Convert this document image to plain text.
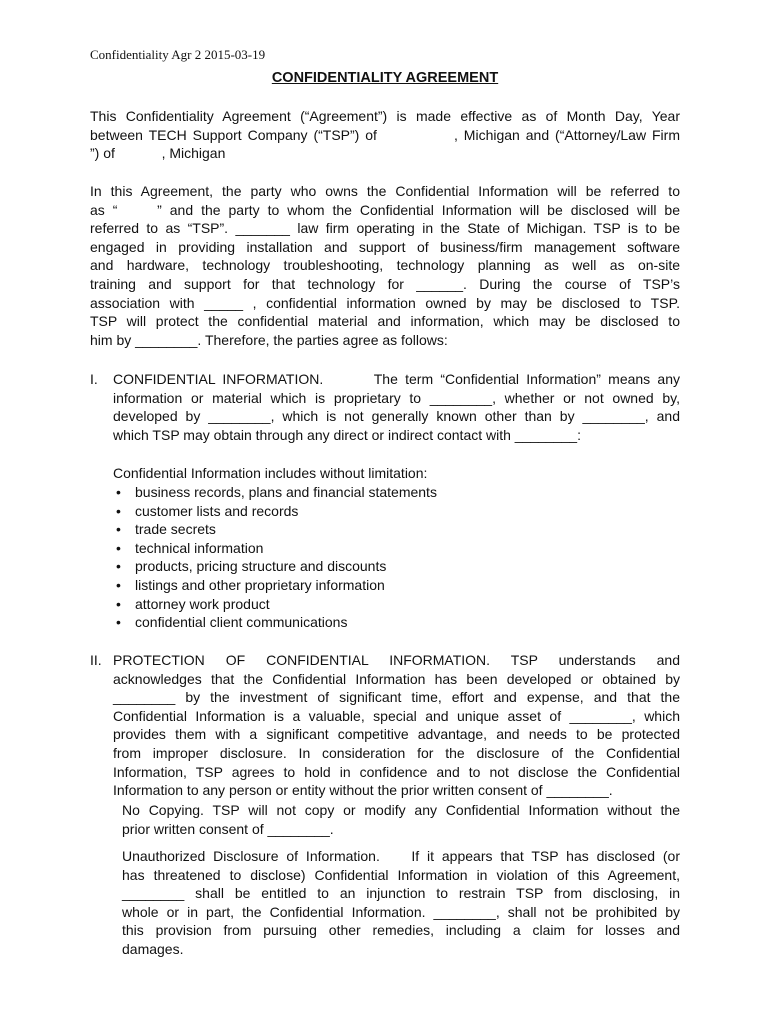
Confidentiality Agr 2 2015-03-19
CONFIDENTIALITY AGREEMENT
This Confidentiality Agreement (“Agreement”) is made effective as of Month Day, Year
between TECH Support Company (“TSP”) of             , Michigan and (“Attorney/Law Firm
”) of            , Michigan
In this Agreement, the party who owns the Confidential Information will be referred to
as “     ” and the party to whom the Confidential Information will be disclosed will be
referred to as “TSP”. _______ law firm operating in the State of Michigan. TSP is to be
engaged in providing installation and support of business/firm management software
and hardware, technology troubleshooting, technology planning as well as on-site
training and support for that technology for ______. During the course of TSP’s
association with _____ , confidential information owned by may be disclosed to TSP.
TSP will protect the confidential material and information, which may be disclosed to
him by ________. Therefore, the parties agree as follows:
I. CONFIDENTIAL INFORMATION.       The term “Confidential Information” means any
information or material which is proprietary to ________, whether or not owned by,
developed by ________, which is not generally known other than by ________, and
which TSP may obtain through any direct or indirect contact with ________:
Confidential Information includes without limitation:
• business records, plans and financial statements
• customer lists and records
• trade secrets
• technical information
• products, pricing structure and discounts
• listings and other proprietary information
• attorney work product
• confidential client communications
II. PROTECTION OF CONFIDENTIAL INFORMATION. TSP understands and
acknowledges that the Confidential Information has been developed or obtained by
________ by the investment of significant time, effort and expense, and that the
Confidential Information is a valuable, special and unique asset of ________, which
provides them with a significant competitive advantage, and needs to be protected
from improper disclosure. In consideration for the disclosure of the Confidential
Information, TSP agrees to hold in confidence and to not disclose the Confidential
Information to any person or entity without the prior written consent of ________.
No Copying. TSP will not copy or modify any Confidential Information without the
prior written consent of ________.
Unauthorized Disclosure of Information.    If it appears that TSP has disclosed (or
has threatened to disclose) Confidential Information in violation of this Agreement,
________ shall be entitled to an injunction to restrain TSP from disclosing, in
whole or in part, the Confidential Information. ________, shall not be prohibited by
this provision from pursuing other remedies, including a claim for losses and
damages.
